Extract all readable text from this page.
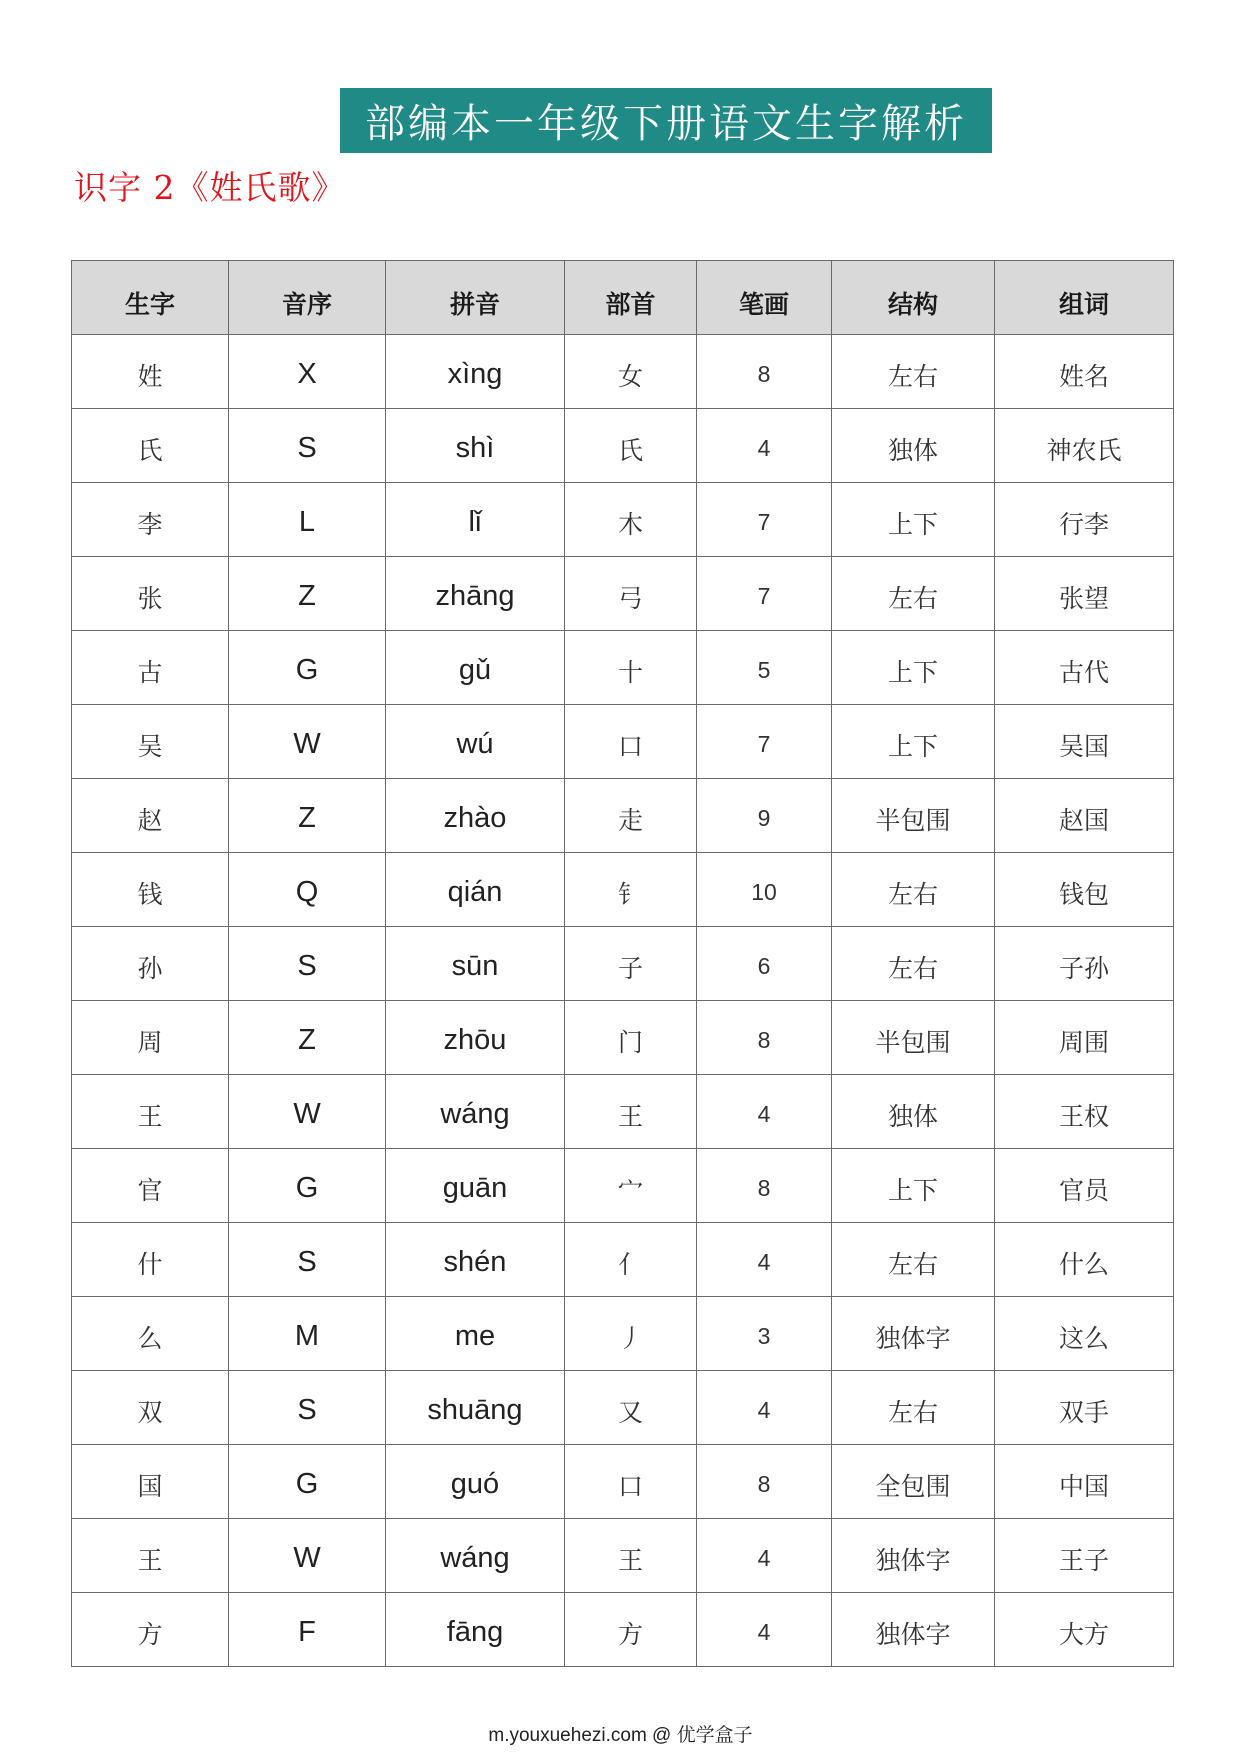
部编本一年级下册语文生字解析
识字 2《姓氏歌》
生字	音序	拼音	部首	笔画	结构	组词
姓	X	xìng	女	8	左右	姓名
氏	S	shì	氏	4	独体	神农氏
李	L	lǐ	木	7	上下	行李
张	Z	zhāng	弓	7	左右	张望
古	G	gǔ	十	5	上下	古代
吴	W	wú	口	7	上下	吴国
赵	Z	zhào	走	9	半包围	赵国
钱	Q	qián	钅	10	左右	钱包
孙	S	sūn	子	6	左右	子孙
周	Z	zhōu	门	8	半包围	周围
王	W	wáng	王	4	独体	王权
官	G	guān	宀	8	上下	官员
什	S	shén	亻	4	左右	什么
么	M	me	丿	3	独体字	这么
双	S	shuāng	又	4	左右	双手
国	G	guó	口	8	全包围	中国
王	W	wáng	王	4	独体字	王子
方	F	fāng	方	4	独体字	大方
m.youxuehezi.com @ 优学盒子
